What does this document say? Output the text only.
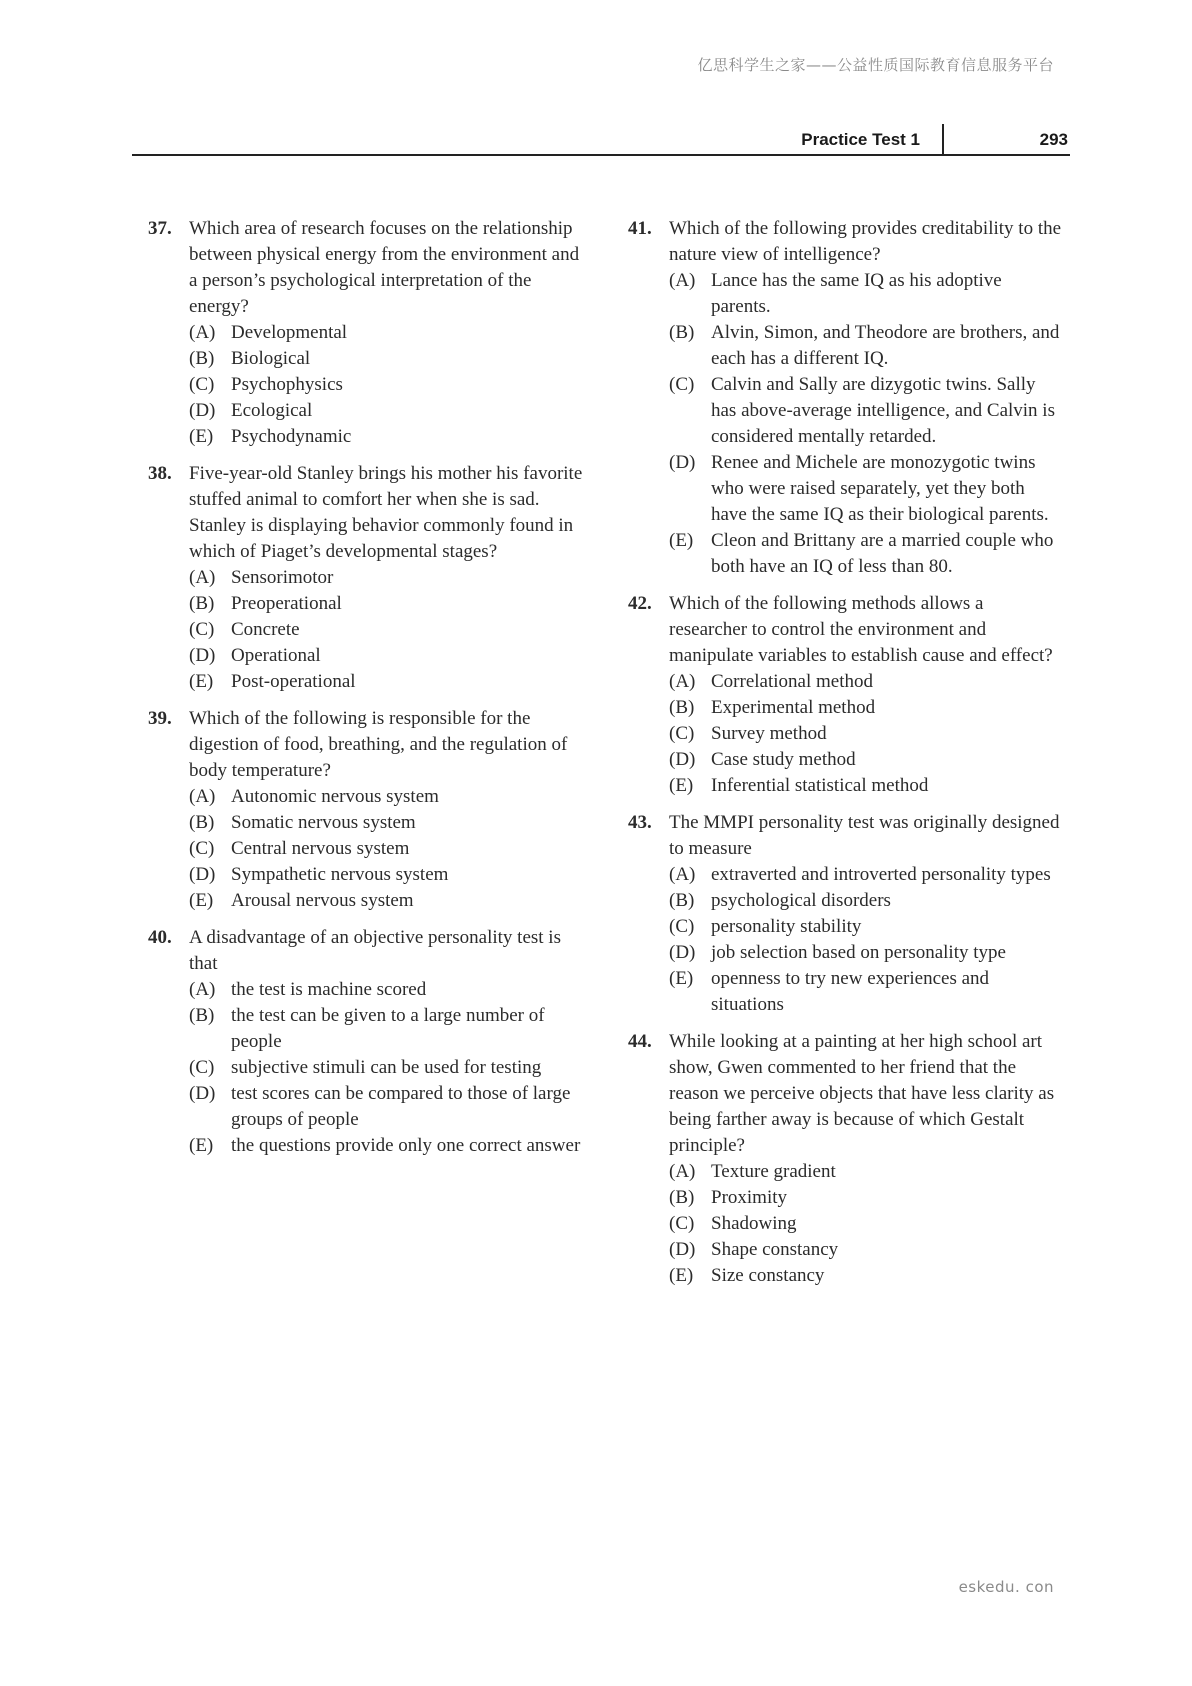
亿思科学生之家——公益性质国际教育信息服务平台
Practice Test 1	293
37. Which area of research focuses on the relationship between physical energy from the environment and a person’s psychological interpretation of the energy?
(A) Developmental
(B) Biological
(C) Psychophysics
(D) Ecological
(E) Psychodynamic
38. Five-year-old Stanley brings his mother his favorite stuffed animal to comfort her when she is sad. Stanley is displaying behavior commonly found in which of Piaget’s developmental stages?
(A) Sensorimotor
(B) Preoperational
(C) Concrete
(D) Operational
(E) Post-operational
39. Which of the following is responsible for the digestion of food, breathing, and the regulation of body temperature?
(A) Autonomic nervous system
(B) Somatic nervous system
(C) Central nervous system
(D) Sympathetic nervous system
(E) Arousal nervous system
40. A disadvantage of an objective personality test is that
(A) the test is machine scored
(B) the test can be given to a large number of people
(C) subjective stimuli can be used for testing
(D) test scores can be compared to those of large groups of people
(E) the questions provide only one correct answer
41. Which of the following provides creditability to the nature view of intelligence?
(A) Lance has the same IQ as his adoptive parents.
(B) Alvin, Simon, and Theodore are brothers, and each has a different IQ.
(C) Calvin and Sally are dizygotic twins. Sally has above-average intelligence, and Calvin is considered mentally retarded.
(D) Renee and Michele are monozygotic twins who were raised separately, yet they both have the same IQ as their biological parents.
(E) Cleon and Brittany are a married couple who both have an IQ of less than 80.
42. Which of the following methods allows a researcher to control the environment and manipulate variables to establish cause and effect?
(A) Correlational method
(B) Experimental method
(C) Survey method
(D) Case study method
(E) Inferential statistical method
43. The MMPI personality test was originally designed to measure
(A) extraverted and introverted personality types
(B) psychological disorders
(C) personality stability
(D) job selection based on personality type
(E) openness to try new experiences and situations
44. While looking at a painting at her high school art show, Gwen commented to her friend that the reason we perceive objects that have less clarity as being farther away is because of which Gestalt principle?
(A) Texture gradient
(B) Proximity
(C) Shadowing
(D) Shape constancy
(E) Size constancy
eskedu. con
